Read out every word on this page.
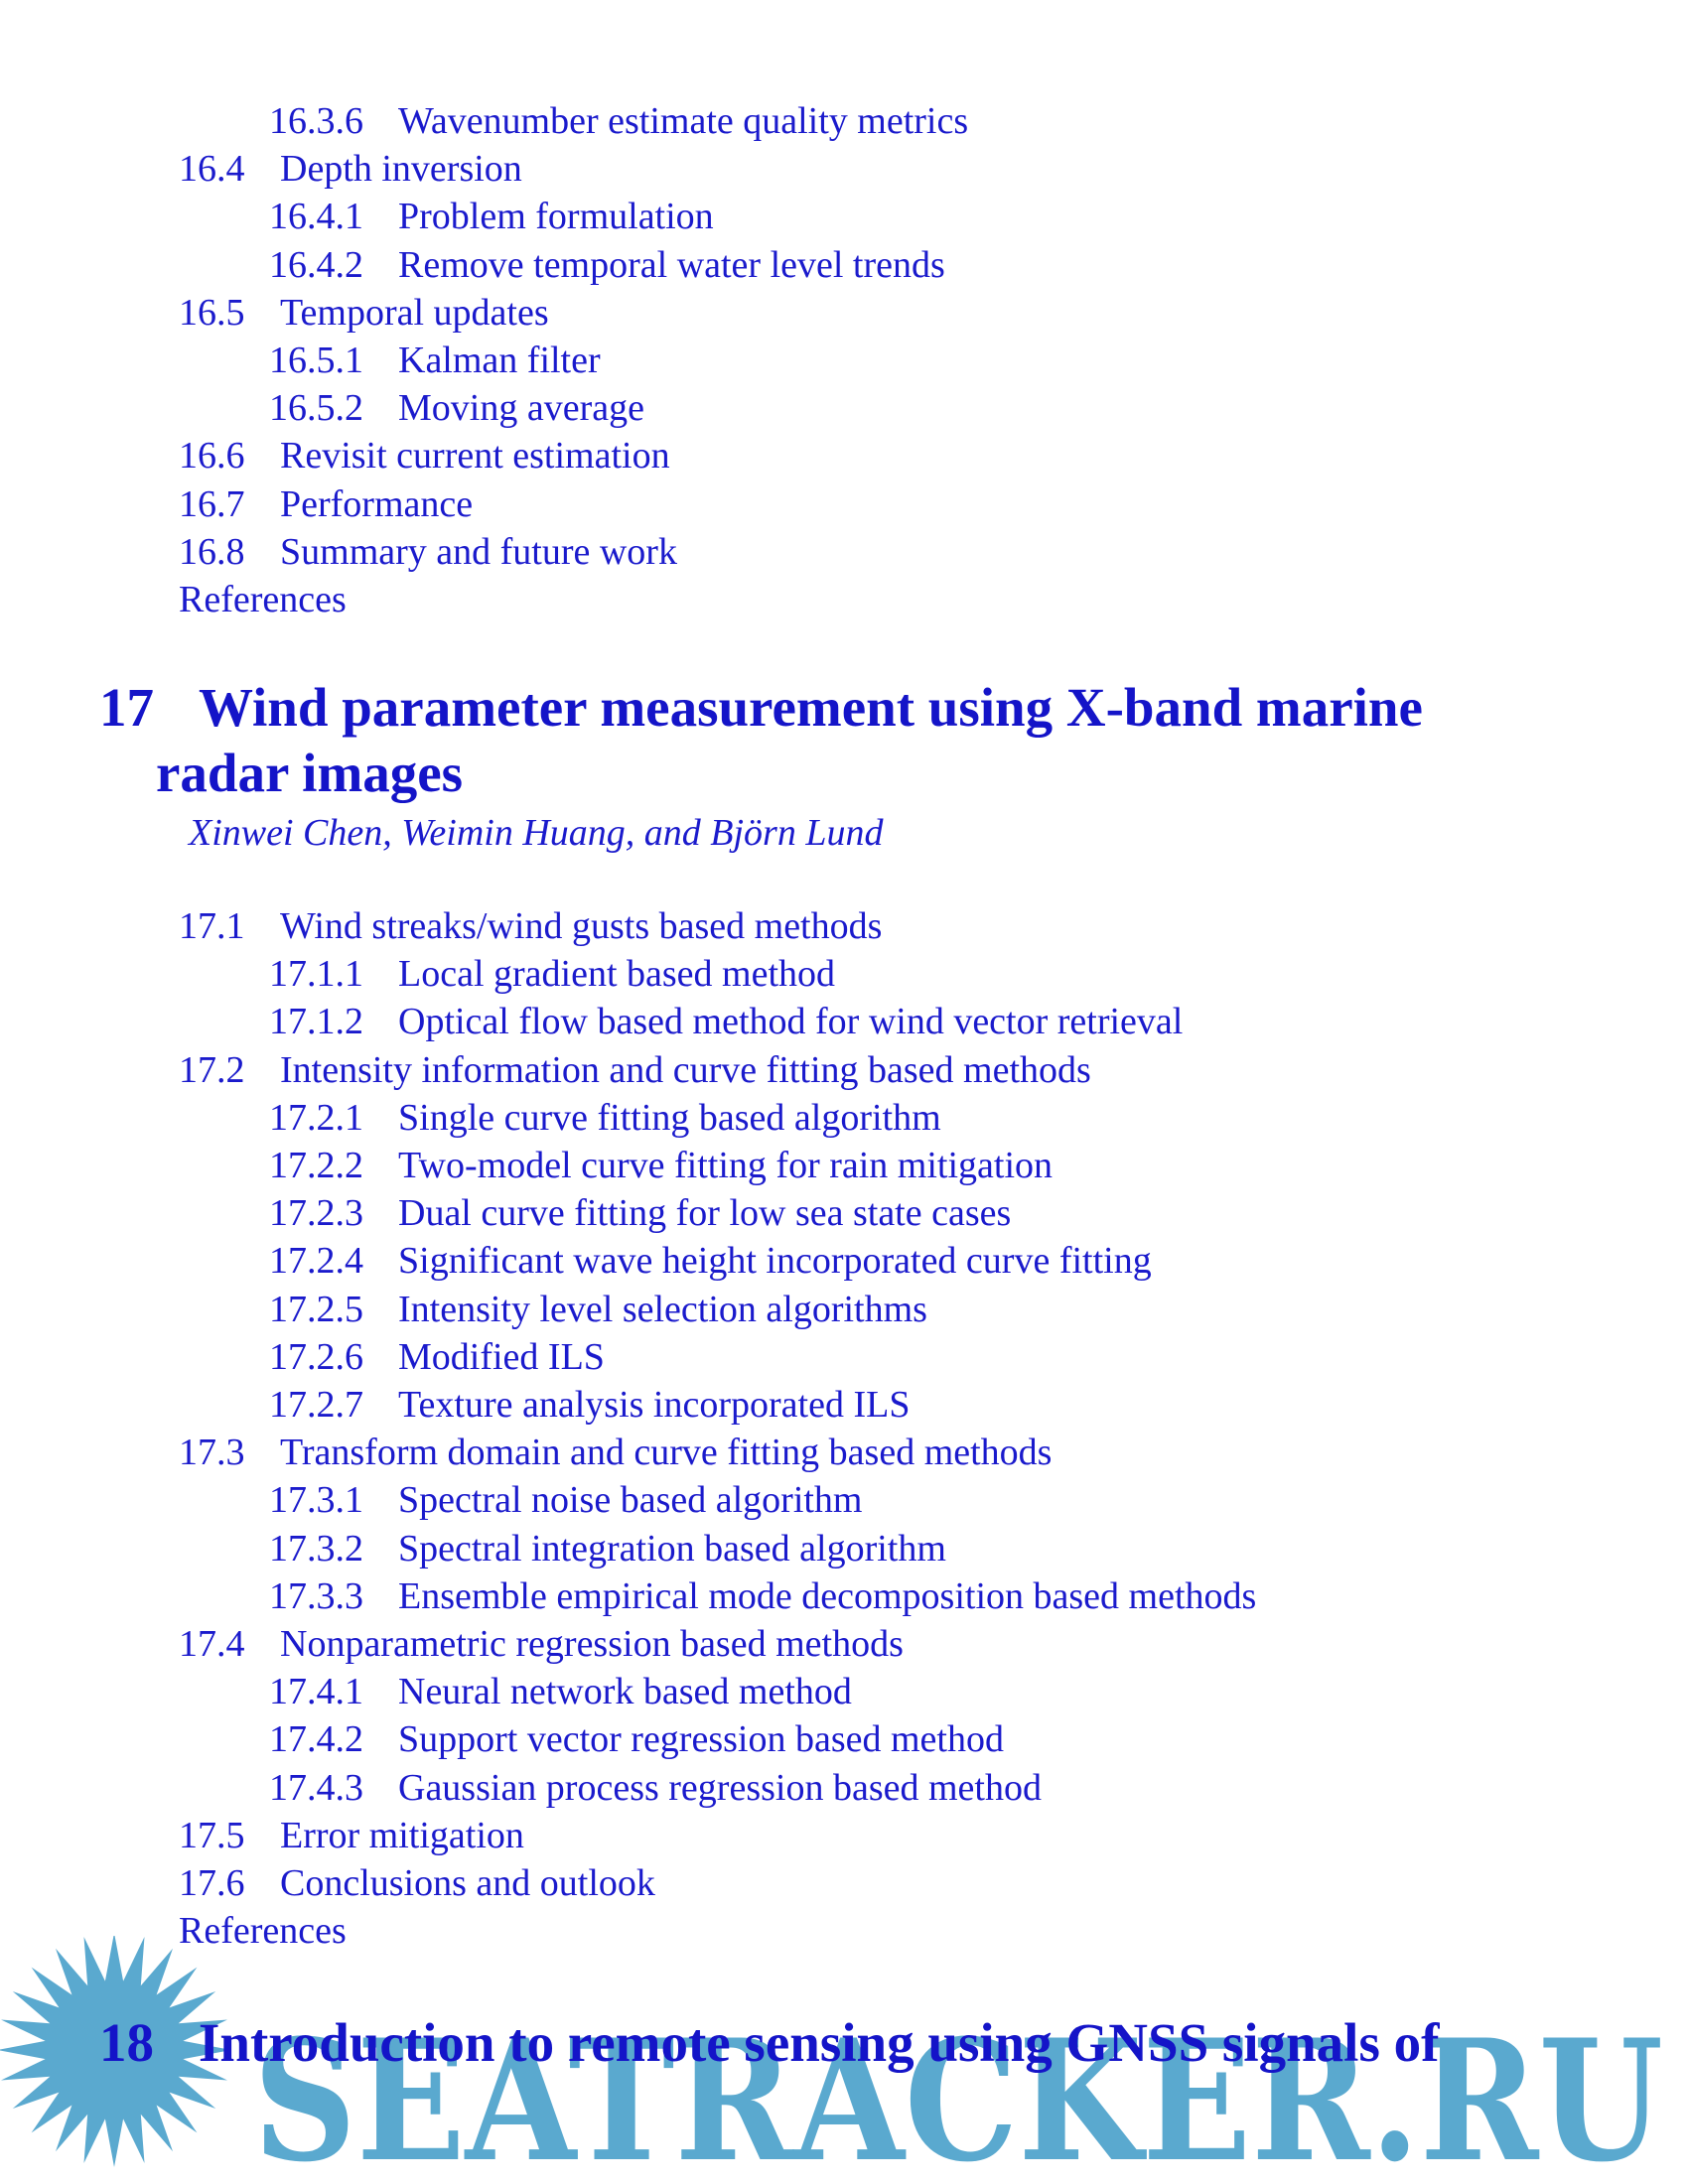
16.3.6 Wavenumber estimate quality metrics
16.4 Depth inversion
16.4.1 Problem formulation
16.4.2 Remove temporal water level trends
16.5 Temporal updates
16.5.1 Kalman filter
16.5.2 Moving average
16.6 Revisit current estimation
16.7 Performance
16.8 Summary and future work
References
17 Wind parameter measurement using X-band marine
radar images
Xinwei Chen, Weimin Huang, and Björn Lund
17.1 Wind streaks/wind gusts based methods
17.1.1 Local gradient based method
17.1.2 Optical flow based method for wind vector retrieval
17.2 Intensity information and curve fitting based methods
17.2.1 Single curve fitting based algorithm
17.2.2 Two-model curve fitting for rain mitigation
17.2.3 Dual curve fitting for low sea state cases
17.2.4 Significant wave height incorporated curve fitting
17.2.5 Intensity level selection algorithms
17.2.6 Modified ILS
17.2.7 Texture analysis incorporated ILS
17.3 Transform domain and curve fitting based methods
17.3.1 Spectral noise based algorithm
17.3.2 Spectral integration based algorithm
17.3.3 Ensemble empirical mode decomposition based methods
17.4 Nonparametric regression based methods
17.4.1 Neural network based method
17.4.2 Support vector regression based method
17.4.3 Gaussian process regression based method
17.5 Error mitigation
17.6 Conclusions and outlook
References
18 Introduction to remote sensing using GNSS signals of
SEATRACKER.RU
